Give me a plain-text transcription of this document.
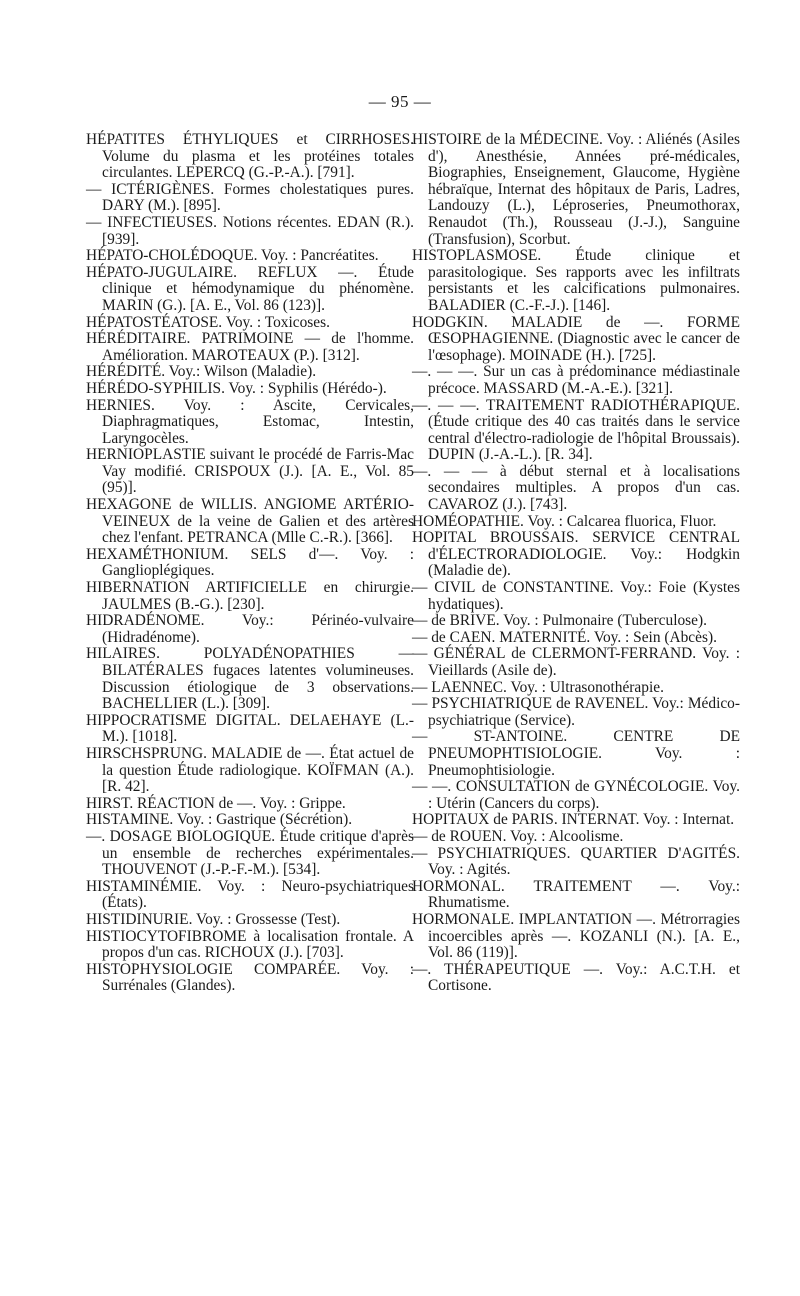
— 95 —

HÉPATITES ÉTHYLIQUES et CIRRHOSES. Volume du plasma et les protéines totales circulantes. LEPERCQ (G.-P.-A.). [791].

— ICTÉRIGÈNES. Formes cholestatiques pures. DARY (M.). [895].

— INFECTIEUSES. Notions récentes. EDAN (R.). [939].

HÉPATO-CHOLÉDOQUE. Voy. : Pancréatites.

HÉPATO-JUGULAIRE. REFLUX —. Étude clinique et hémodynamique du phénomène. MARIN (G.). [A. E., Vol. 86 (123)].

HÉPATOSTÉATOSE. Voy. : Toxicoses.

HÉRÉDITAIRE. PATRIMOINE — de l'homme. Amélioration. MAROTEAUX (P.). [312].

HÉRÉDITÉ. Voy.: Wilson (Maladie).

HÉRÉDO-SYPHILIS. Voy. : Syphilis (Hérédo-).

HERNIES. Voy. : Ascite, Cervicales, Diaphragmatiques, Estomac, Intestin, Laryngocèles.

HERNIOPLASTIE suivant le procédé de Farris-Mac Vay modifié. CRISPOUX (J.). [A. E., Vol. 85 (95)].

HEXAGONE de WILLIS. ANGIOME ARTÉRIO-VEINEUX de la veine de Galien et des artères chez l'enfant. PETRANCA (Mlle C.-R.). [366].

HEXAMÉTHONIUM. SELS d'—. Voy. : Ganglioplégiques.

HIBERNATION ARTIFICIELLE en chirurgie. JAULMES (B.-G.). [230].

HIDRADÉNOME. Voy.: Périnéo-vulvaire (Hidradénome).

HILAIRES. POLYADÉNOPATHIES — BILATÉRALES fugaces latentes volumineuses. Discussion étiologique de 3 observations. BACHELLIER (L.). [309].

HIPPOCRATISME DIGITAL. DELAEHAYE (L.-M.). [1018].

HIRSCHSPRUNG. MALADIE de —. État actuel de la question Étude radiologique. KOÏFMAN (A.). [R. 42].

HIRST. RÉACTION de —. Voy. : Grippe.

HISTAMINE. Voy. : Gastrique (Sécrétion).

—. DOSAGE BIOLOGIQUE. Étude critique d'après un ensemble de recherches expérimentales. THOUVENOT (J.-P.-F.-M.). [534].

HISTAMINÉMIE. Voy. : Neuro-psychiatriques (États).

HISTIDINURIE. Voy. : Grossesse (Test).

HISTIOCYTOFIBROME à localisation frontale. A propos d'un cas. RICHOUX (J.). [703].

HISTOPHYSIOLOGIE COMPARÉE. Voy. : Surrénales (Glandes).

HISTOIRE de la MÉDECINE. Voy. : Aliénés (Asiles d'), Anesthésie, Années pré-médicales, Biographies, Enseignement, Glaucome, Hygiène hébraïque, Internat des hôpitaux de Paris, Ladres, Landouzy (L.), Léproseries, Pneumothorax, Renaudot (Th.), Rousseau (J.-J.), Sanguine (Transfusion), Scorbut.

HISTOPLASMOSE. Étude clinique et parasitologique. Ses rapports avec les infiltrats persistants et les calcifications pulmonaires. BALADIER (C.-F.-J.). [146].

HODGKIN. MALADIE de —. FORME ŒSOPHAGIENNE. (Diagnostic avec le cancer de l'œsophage). MOINADE (H.). [725].

—. — —. Sur un cas à prédominance médiastinale précoce. MASSARD (M.-A.-E.). [321].

—. — —. TRAITEMENT RADIOTHÉRAPIQUE. (Étude critique des 40 cas traités dans le service central d'électro-radiologie de l'hôpital Broussais). DUPIN (J.-A.-L.). [R. 34].

—. — — à début sternal et à localisations secondaires multiples. A propos d'un cas. CAVAROZ (J.). [743].

HOMÉOPATHIE. Voy. : Calcarea fluorica, Fluor.

HOPITAL BROUSSAIS. SERVICE CENTRAL d'ÉLECTRORADIOLOGIE. Voy.: Hodgkin (Maladie de).

— CIVIL de CONSTANTINE. Voy.: Foie (Kystes hydatiques).

— de BRIVE. Voy. : Pulmonaire (Tuberculose).

— de CAEN. MATERNITÉ. Voy. : Sein (Abcès).

— GÉNÉRAL de CLERMONT-FERRAND. Voy. : Vieillards (Asile de).

— LAENNEC. Voy. : Ultrasonothérapie.

— PSYCHIATRIQUE de RAVENEL. Voy.: Médico-psychiatrique (Service).

— ST-ANTOINE. CENTRE DE PNEUMOPHTISIOLOGIE. Voy. : Pneumophtisiologie.

— —. CONSULTATION de GYNÉCOLOGIE. Voy. : Utérin (Cancers du corps).

HOPITAUX de PARIS. INTERNAT. Voy. : Internat.

— de ROUEN. Voy. : Alcoolisme.

— PSYCHIATRIQUES. QUARTIER D'AGITÉS. Voy. : Agités.

HORMONAL. TRAITEMENT —. Voy.: Rhumatisme.

HORMONALE. IMPLANTATION —. Métrorragies incoercibles après —. KOZANLI (N.). [A. E., Vol. 86 (119)].

—. THÉRAPEUTIQUE —. Voy.: A.C.T.H. et Cortisone.
